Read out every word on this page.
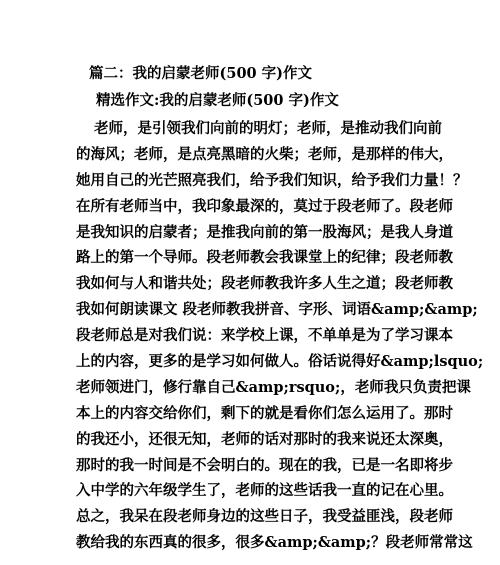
篇二：我的启蒙老师(500 字)作文
精选作文:我的启蒙老师(500 字)作文
老师，是引领我们向前的明灯；老师，是推动我们向前
的海风；老师，是点亮黑暗的火柴；老师，是那样的伟大，
她用自己的光芒照亮我们，给予我们知识，给予我们力量！？
在所有老师当中，我印象最深的，莫过于段老师了。段老师
是我知识的启蒙者；是推我向前的第一股海风；是我人身道
路上的第一个导师。段老师教会我课堂上的纪律；段老师教
我如何与人和谐共处；段老师教我许多人生之道；段老师教
我如何朗读课文 段老师教我拼音、字形、词语&amp;&amp;
段老师总是对我们说：来学校上课，不单单是为了学习课本
上的内容，更多的是学习如何做人。俗话说得好&amp;lsquo;
老师领进门，修行靠自己&amp;rsquo;，老师我只负责把课
本上的内容交给你们，剩下的就是看你们怎么运用了。那时
的我还小，还很无知，老师的话对那时的我来说还太深奥，
那时的我一时间是不会明白的。现在的我，已是一名即将步
入中学的六年级学生了，老师的这些话我一直的记在心里。
总之，我呆在段老师身边的这些日子，我受益匪浅，段老师
教给我的东西真的很多，很多&amp;&amp;？段老师常常这
